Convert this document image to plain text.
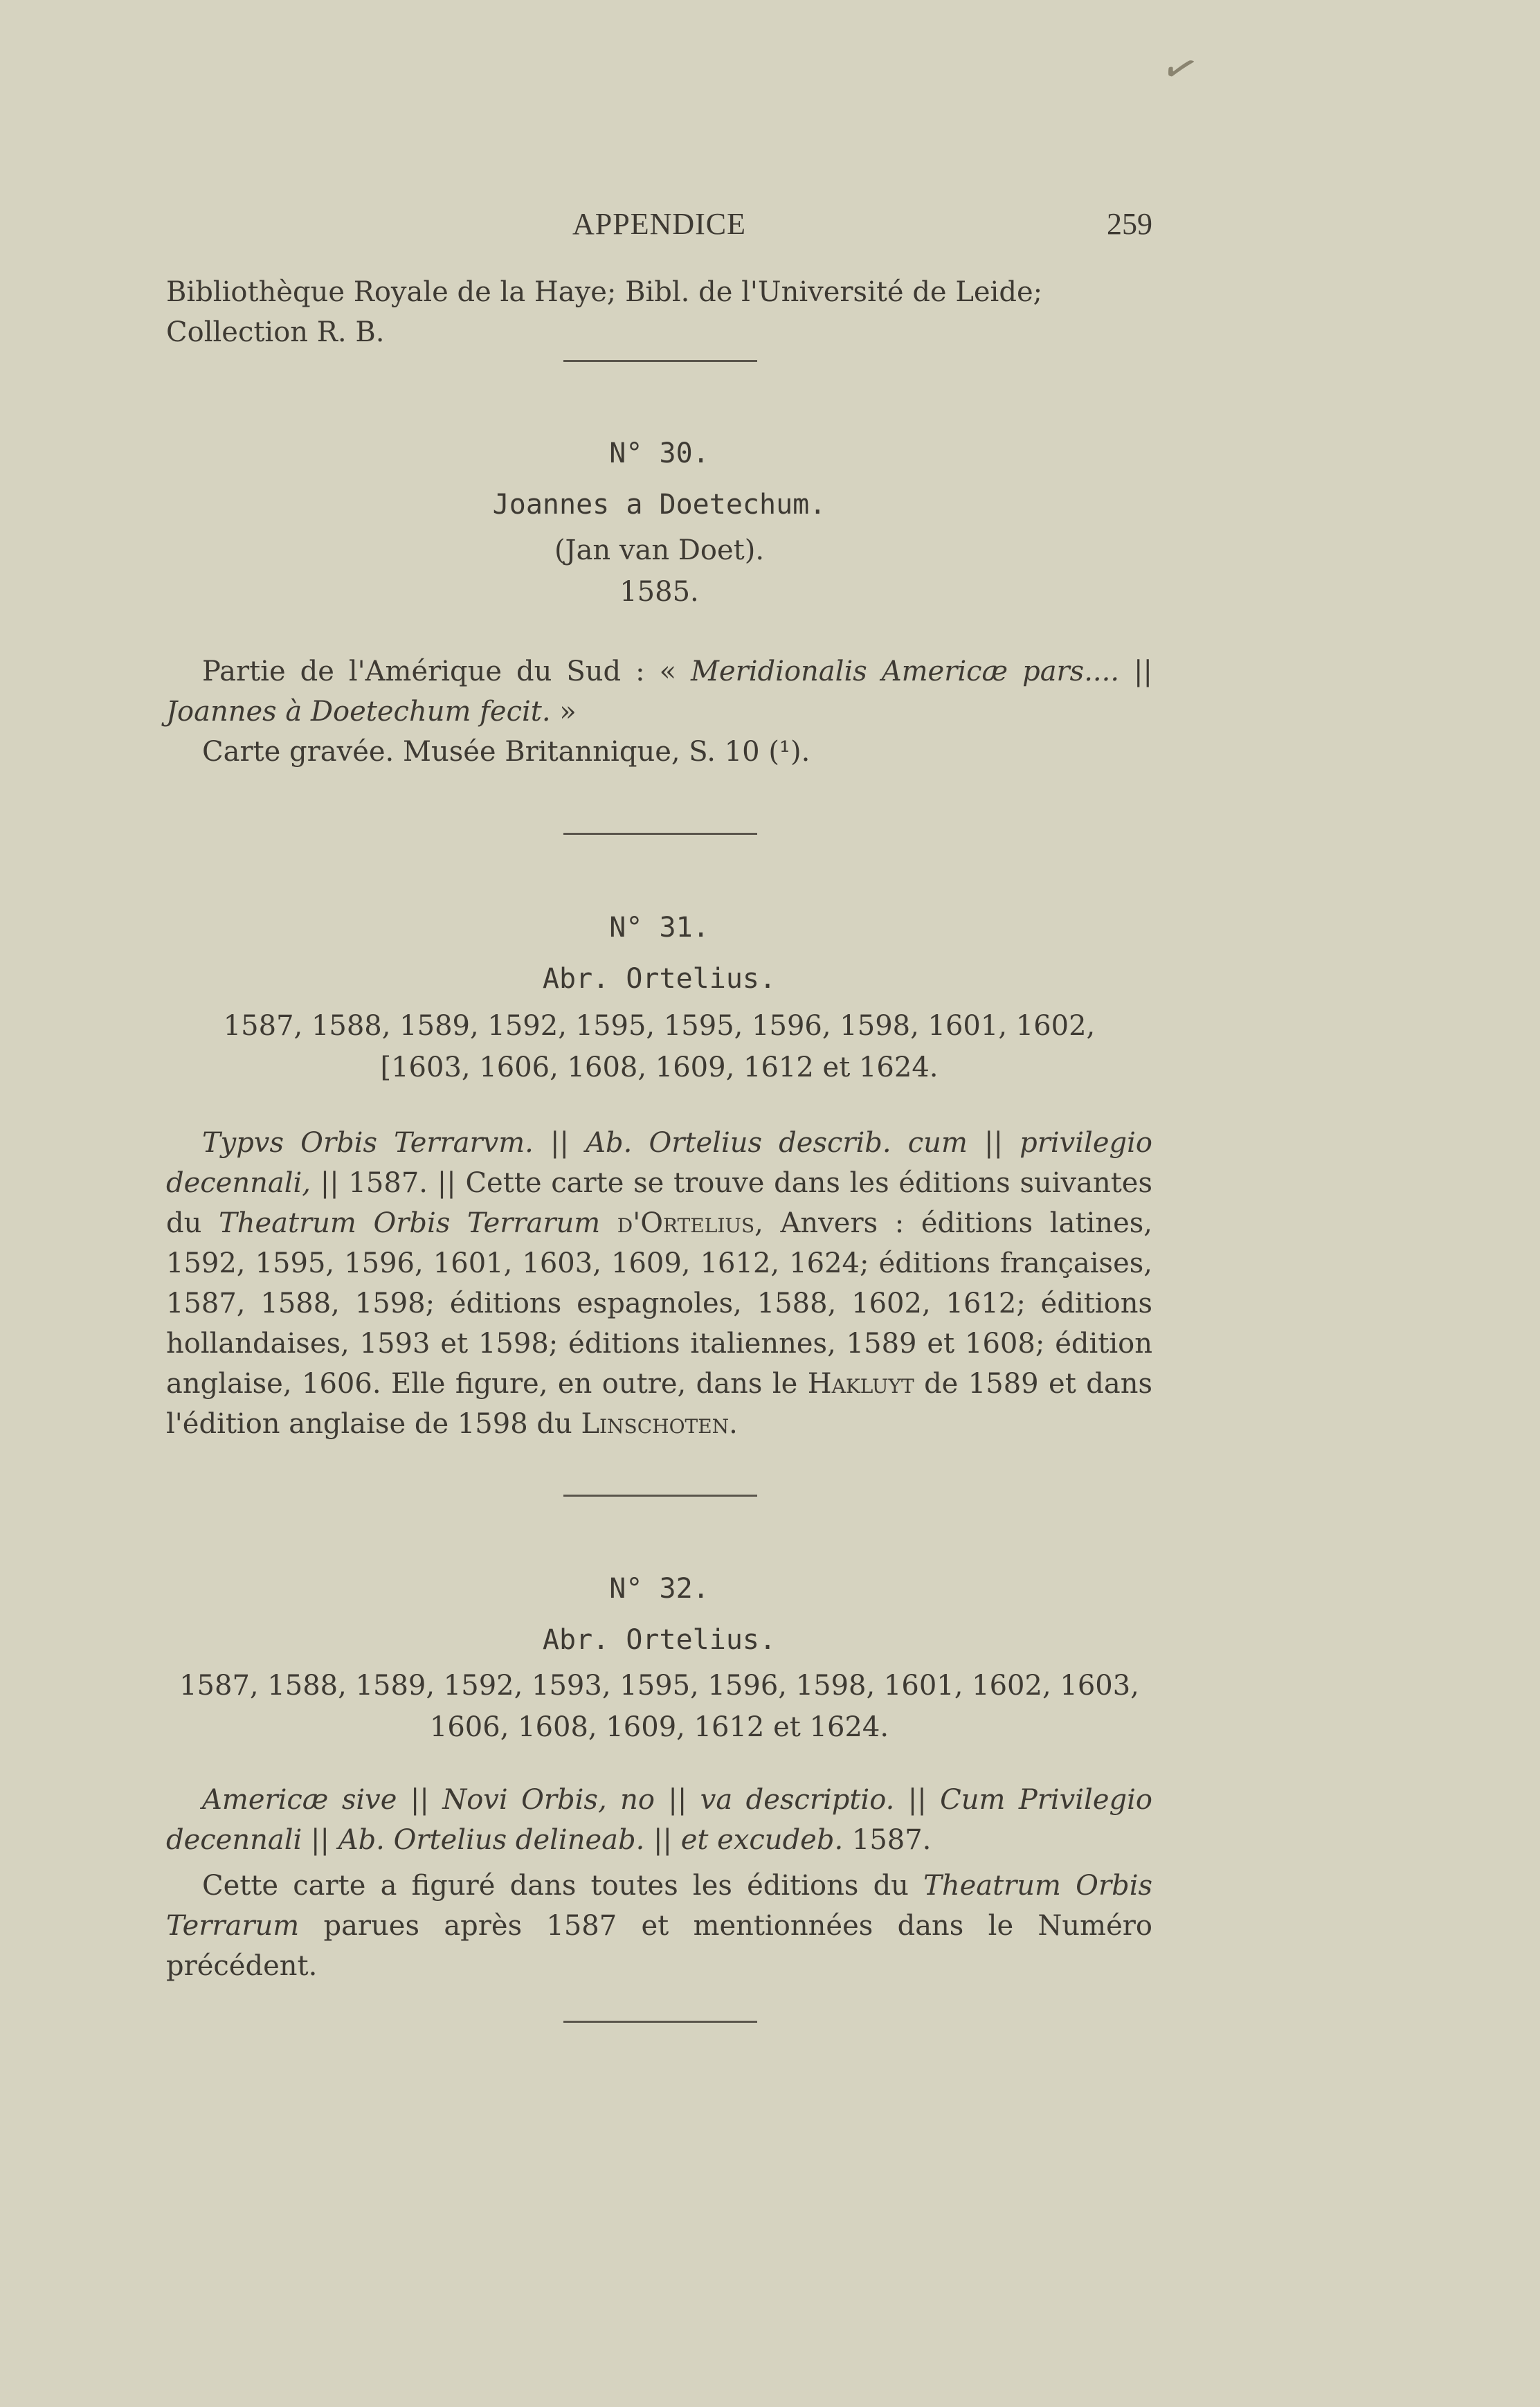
✓
APPENDICE	259

Bibliothèque Royale de la Haye; Bibl. de l'Université de Leide; Collection R. B.

N° 30.
Joannes a Doetechum.
(Jan van Doet).
1585.

Partie de l'Amérique du Sud : « Meridionalis Americæ pars.... || Joannes à Doetechum fecit. »

Carte gravée. Musée Britannique, S. 10 (¹).

N° 31.
Abr. Ortelius.
1587, 1588, 1589, 1592, 1595, 1595, 1596, 1598, 1601, 1602,
[1603, 1606, 1608, 1609, 1612 et 1624.

Typvs Orbis Terrarvm. || Ab. Ortelius describ. cum || privilegio decennali, || 1587. || Cette carte se trouve dans les éditions suivantes du Theatrum Orbis Terrarum d'Ortelius, Anvers : éditions latines, 1592, 1595, 1596, 1601, 1603, 1609, 1612, 1624; éditions françaises, 1587, 1588, 1598; éditions espagnoles, 1588, 1602, 1612; éditions hollandaises, 1593 et 1598; éditions italiennes, 1589 et 1608; édition anglaise, 1606. Elle figure, en outre, dans le Hakluyt de 1589 et dans l'édition anglaise de 1598 du Linschoten.

N° 32.
Abr. Ortelius.
1587, 1588, 1589, 1592, 1593, 1595, 1596, 1598, 1601, 1602, 1603,
1606, 1608, 1609, 1612 et 1624.

Americæ sive || Novi Orbis, no || va descriptio. || Cum Privilegio decennali || Ab. Ortelius delineab. || et excudeb. 1587.

Cette carte a figuré dans toutes les éditions du Theatrum Orbis Terrarum parues après 1587 et mentionnées dans le Numéro précédent.
